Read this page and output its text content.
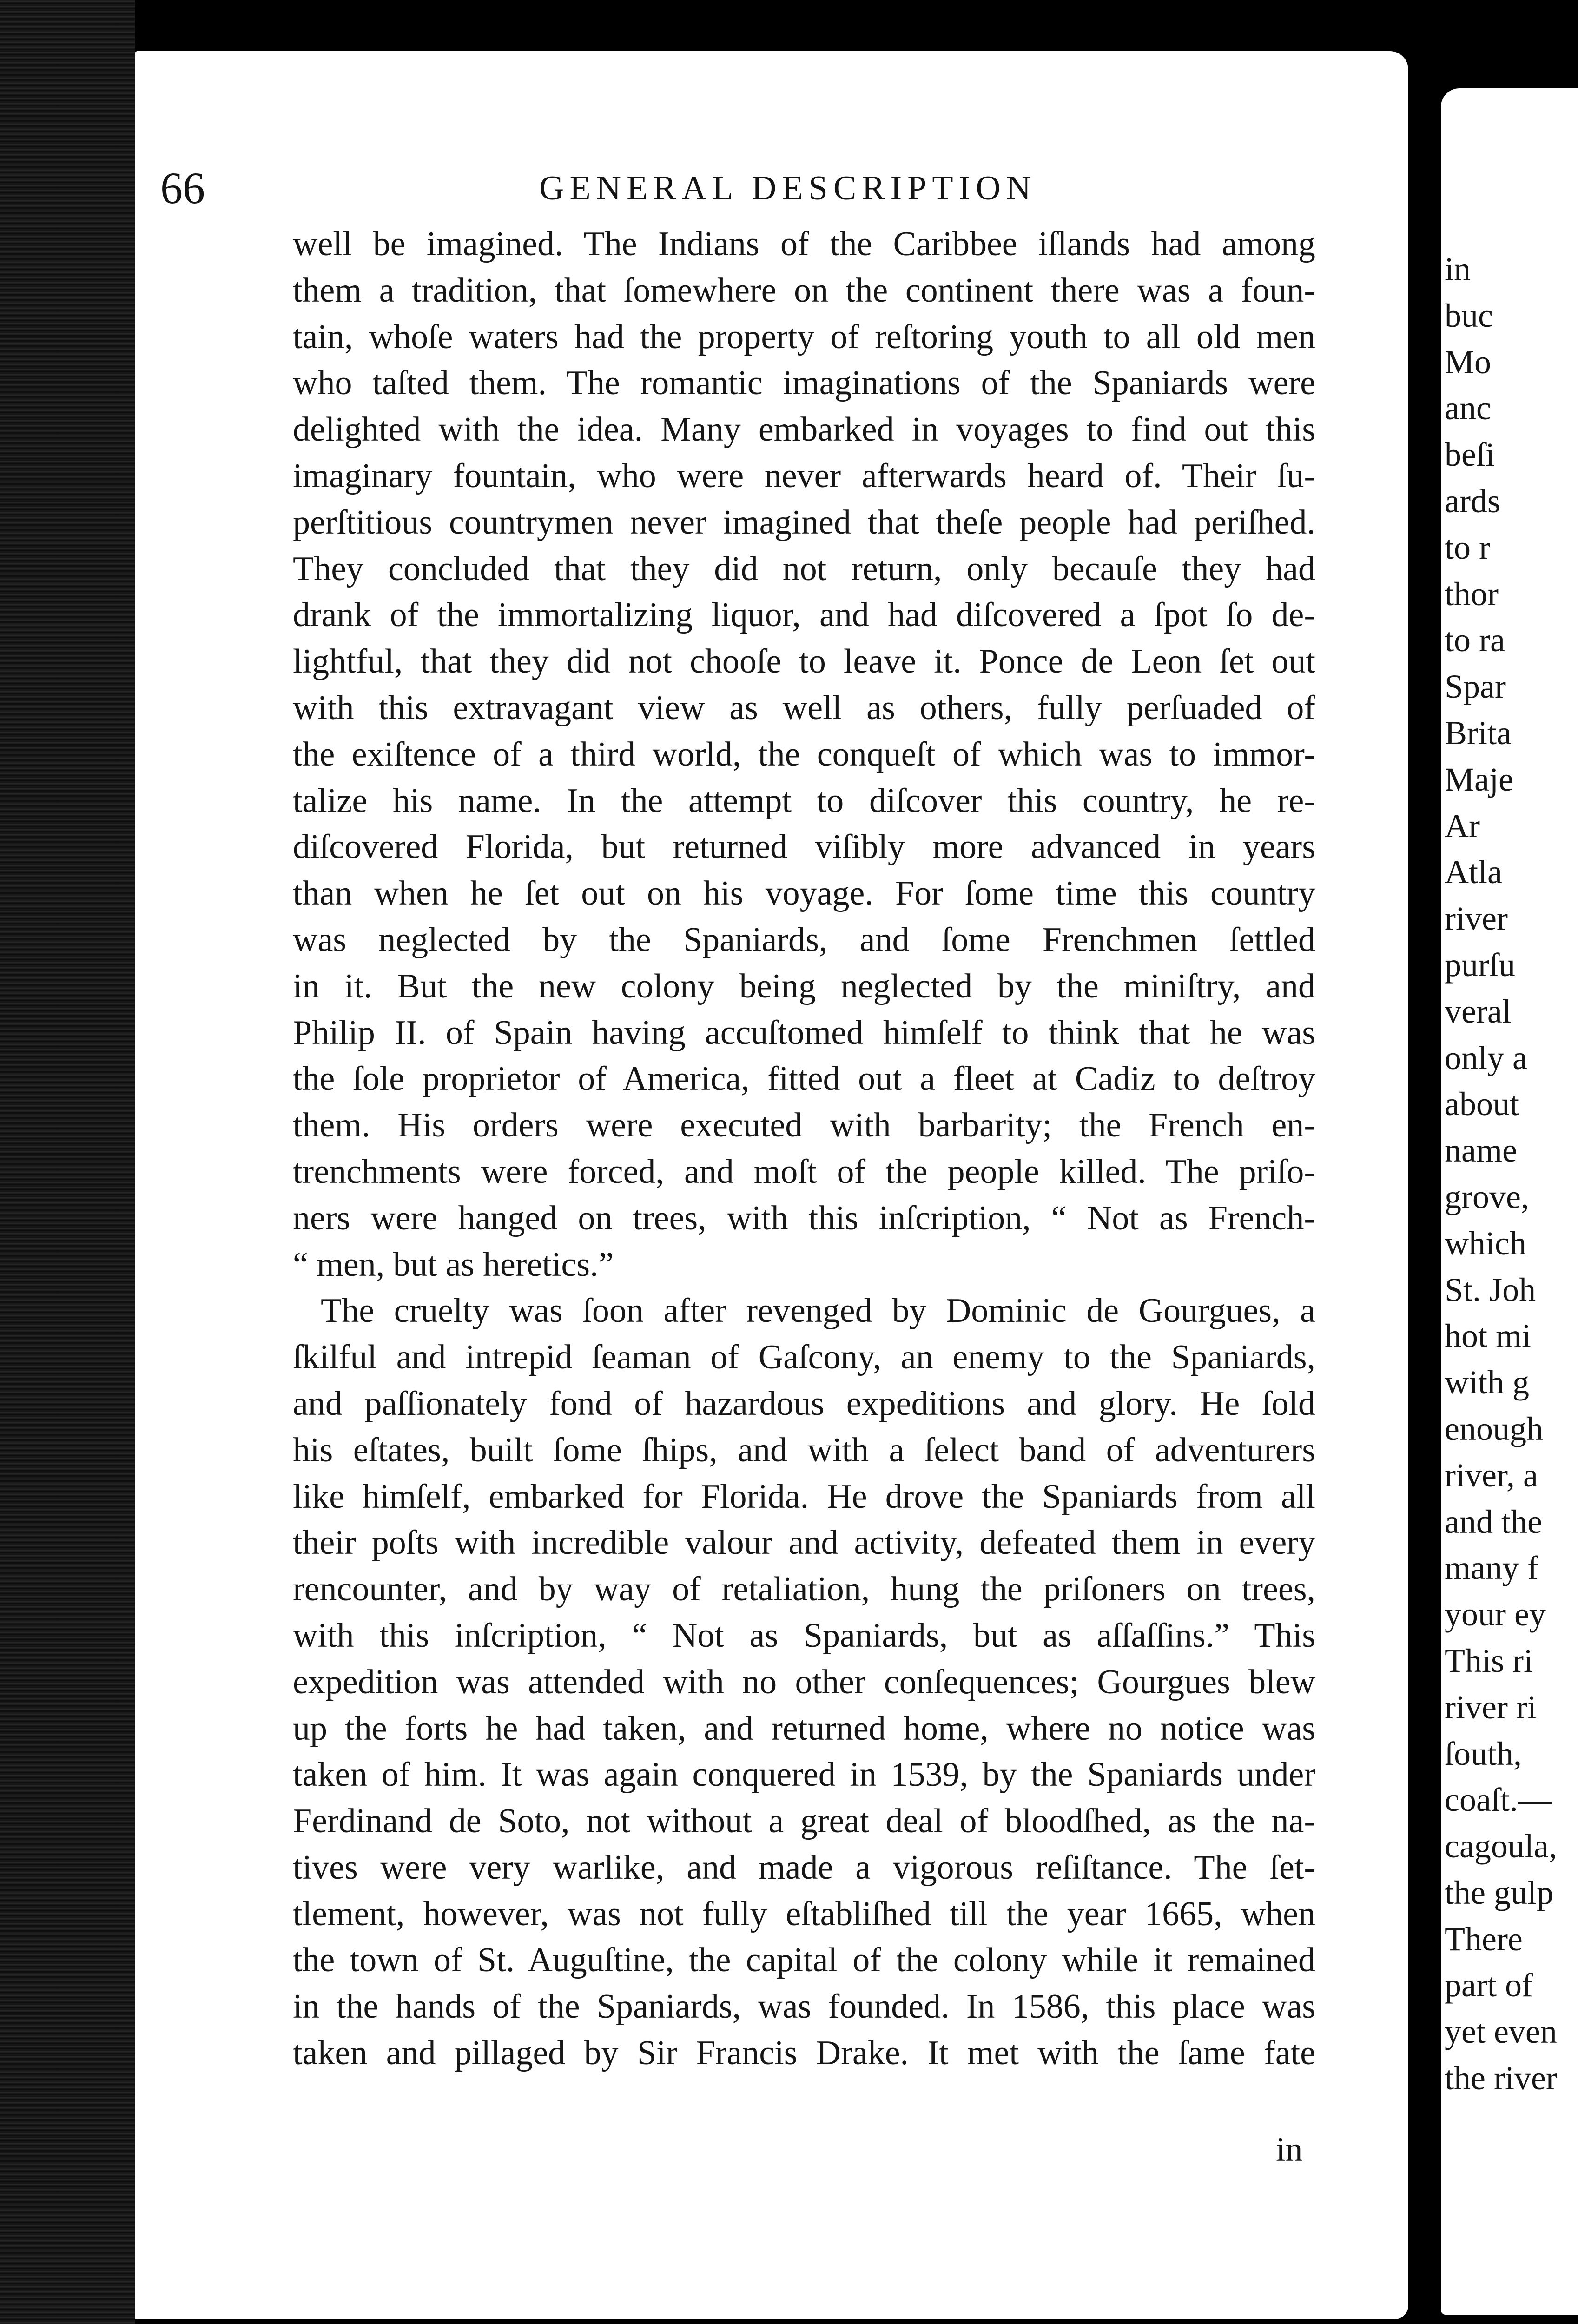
66	GENERAL DESCRIPTION
well be imagined. The Indians of the Caribbee iſlands had among
them a tradition, that ſomewhere on the continent there was a foun-
tain, whoſe waters had the property of reſtoring youth to all old men
who taſted them. The romantic imaginations of the Spaniards were
delighted with the idea. Many embarked in voyages to find out this
imaginary fountain, who were never afterwards heard of. Their ſu-
perſtitious countrymen never imagined that theſe people had periſhed.
They concluded that they did not return, only becauſe they had
drank of the immortalizing liquor, and had diſcovered a ſpot ſo de-
lightful, that they did not chooſe to leave it. Ponce de Leon ſet out
with this extravagant view as well as others, fully perſuaded of
the exiſtence of a third world, the conqueſt of which was to immor-
talize his name. In the attempt to diſcover this country, he re-
diſcovered Florida, but returned viſibly more advanced in years
than when he ſet out on his voyage. For ſome time this country
was neglected by the Spaniards, and ſome Frenchmen ſettled
in it. But the new colony being neglected by the miniſtry, and
Philip II. of Spain having accuſtomed himſelf to think that he was
the ſole proprietor of America, fitted out a fleet at Cadiz to deſtroy
them. His orders were executed with barbarity; the French en-
trenchments were forced, and moſt of the people killed. The priſo-
ners were hanged on trees, with this inſcription, “ Not as French-
“ men, but as heretics.”
The cruelty was ſoon after revenged by Dominic de Gourgues, a
ſkilful and intrepid ſeaman of Gaſcony, an enemy to the Spaniards,
and paſſionately fond of hazardous expeditions and glory. He ſold
his eſtates, built ſome ſhips, and with a ſelect band of adventurers
like himſelf, embarked for Florida. He drove the Spaniards from all
their poſts with incredible valour and activity, defeated them in every
rencounter, and by way of retaliation, hung the priſoners on trees,
with this inſcription, “ Not as Spaniards, but as aſſaſſins.” This
expedition was attended with no other conſequences; Gourgues blew
up the forts he had taken, and returned home, where no notice was
taken of him. It was again conquered in 1539, by the Spaniards under
Ferdinand de Soto, not without a great deal of bloodſhed, as the na-
tives were very warlike, and made a vigorous reſiſtance. The ſet-
tlement, however, was not fully eſtabliſhed till the year 1665, when
the town of St. Auguſtine, the capital of the colony while it remained
in the hands of the Spaniards, was founded. In 1586, this place was
taken and pillaged by Sir Francis Drake. It met with the ſame fate
in
in
buc
Mo
anc
beſi
ards
to r
thor
to ra
Spar
Brita
Maje
Ar
Atla
river
purſu
veral
only a
about
name
grove,
which
St. Joh
hot mi
with g
enough
river, a
and the
many f
your ey
This ri
river ri
ſouth,
coaſt.—
cagoula,
the gulp
There
part of
yet even
the river
